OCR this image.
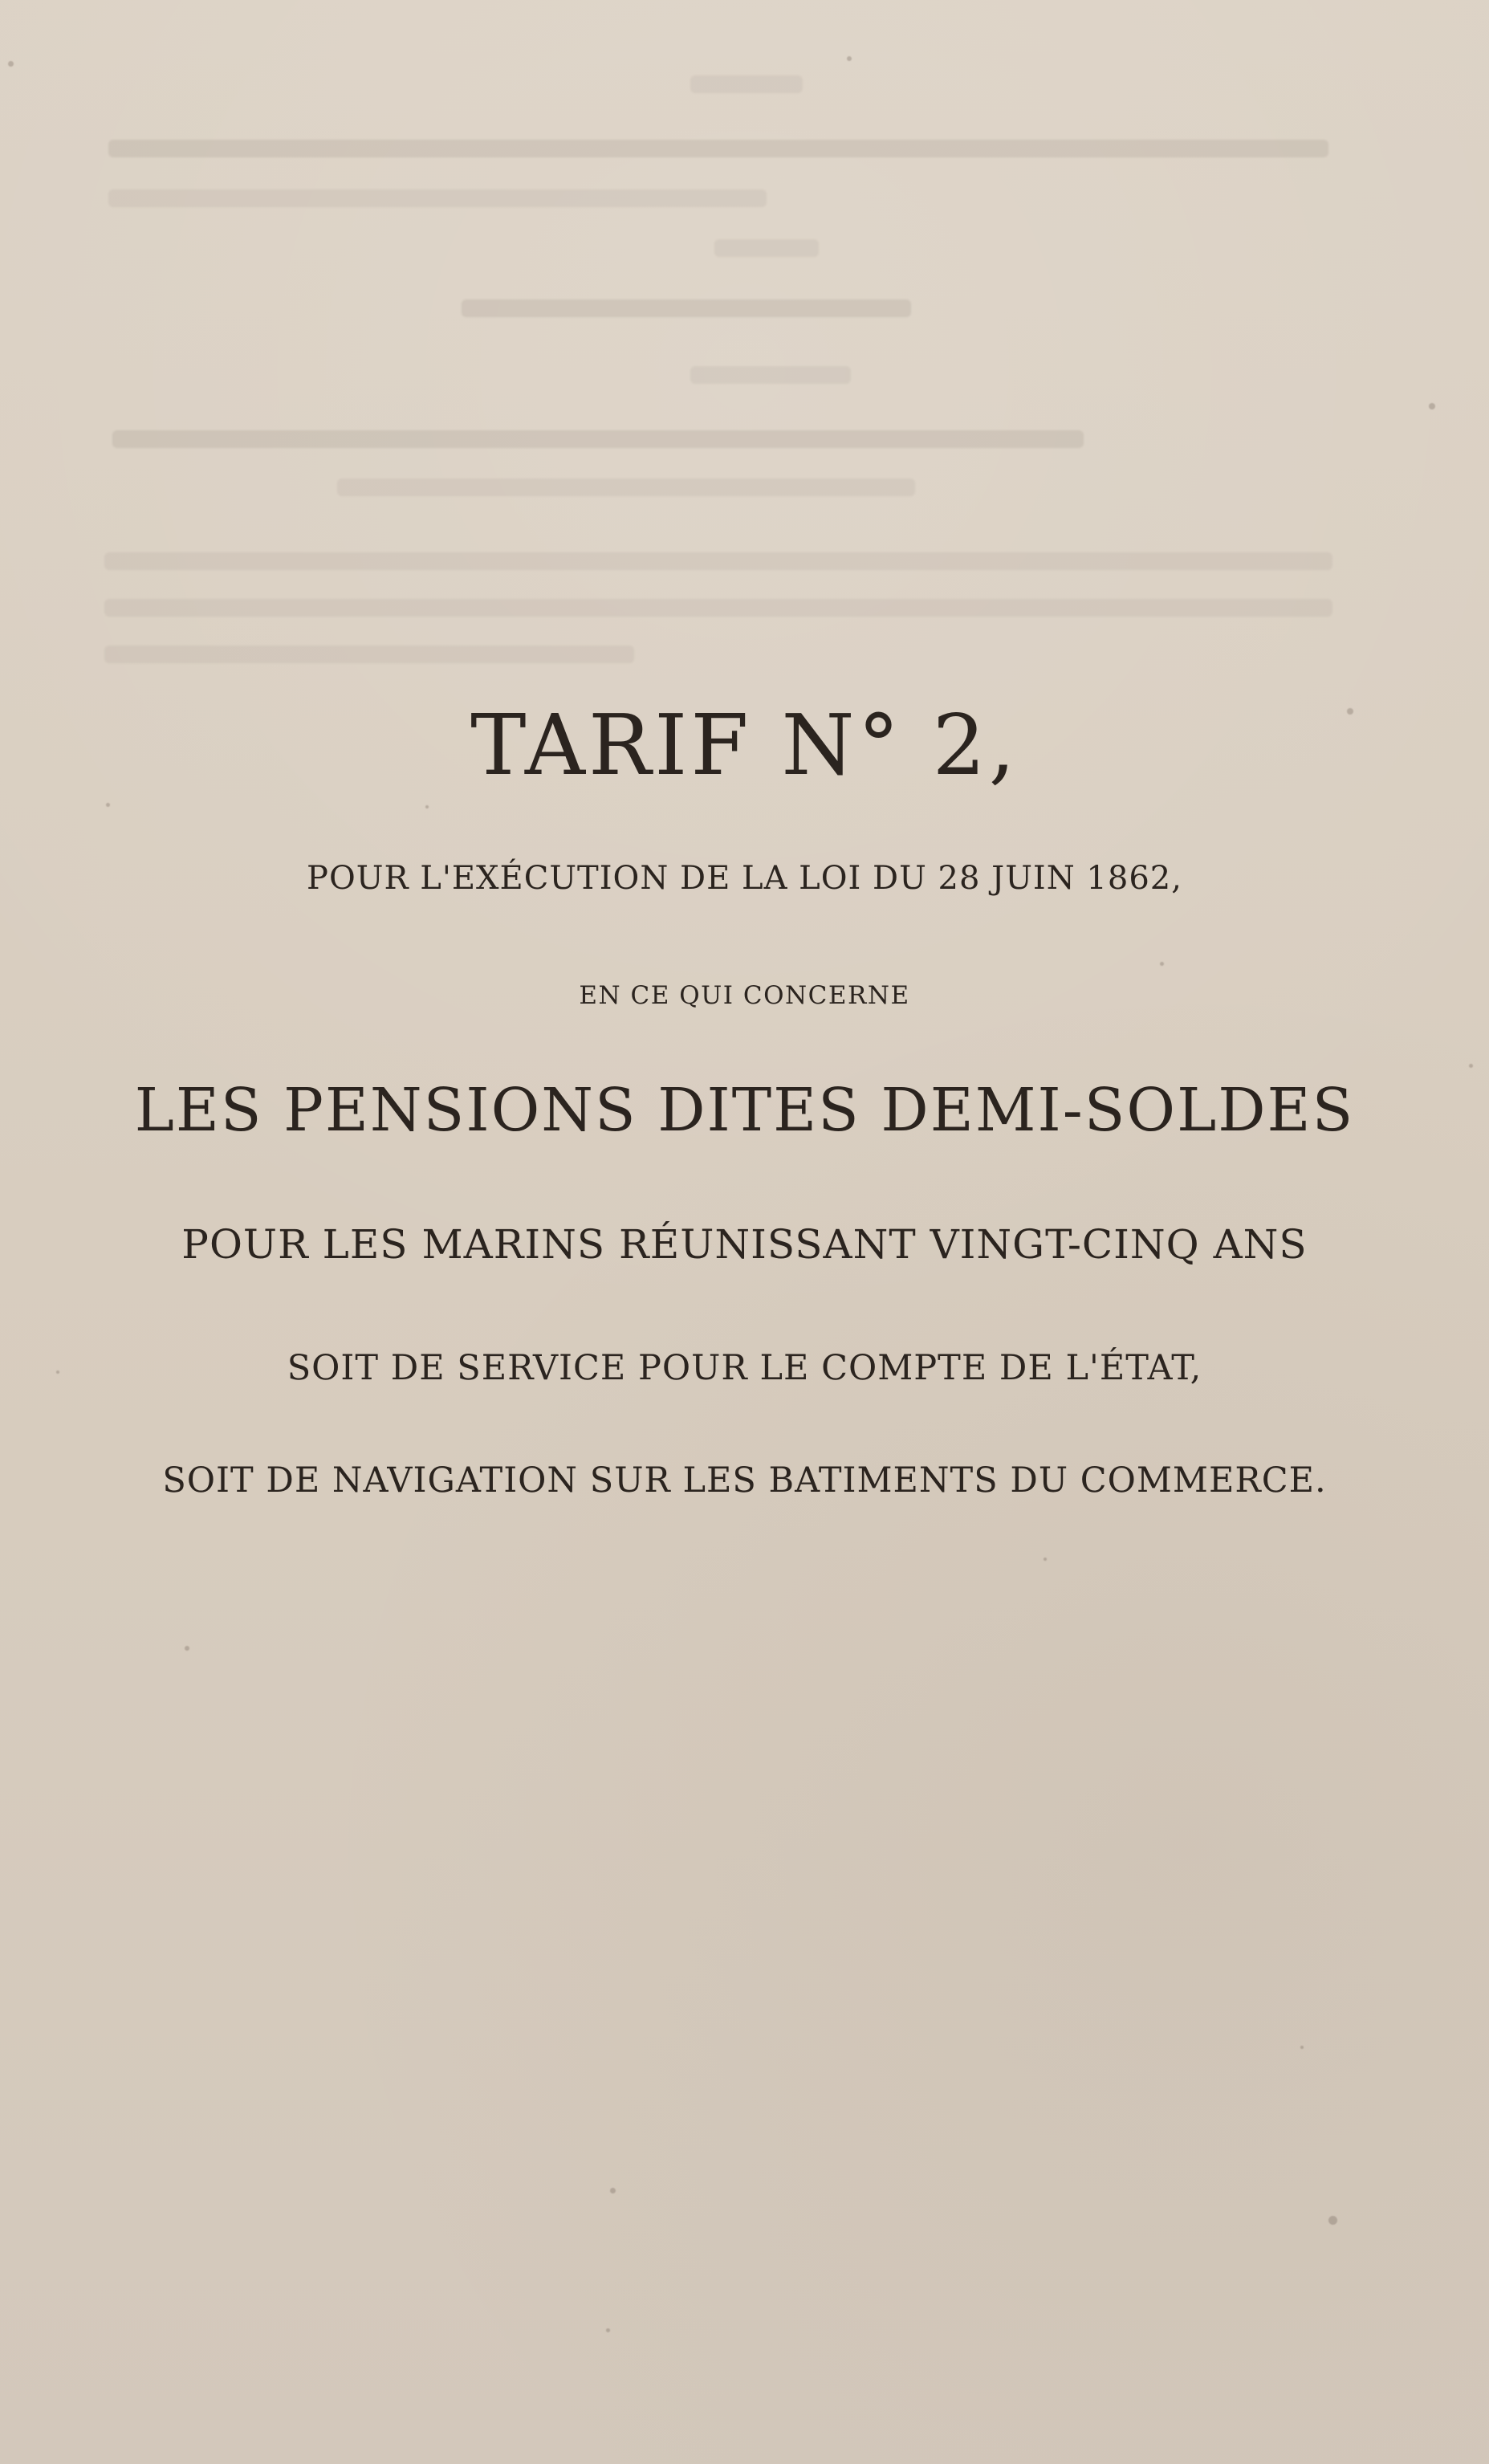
TARIF N° 2,
POUR L'EXÉCUTION DE LA LOI DU 28 JUIN 1862,
EN CE QUI CONCERNE
LES PENSIONS DITES DEMI-SOLDES
POUR LES MARINS RÉUNISSANT VINGT-CINQ ANS
SOIT DE SERVICE POUR LE COMPTE DE L'ÉTAT,
SOIT DE NAVIGATION SUR LES BATIMENTS DU COMMERCE.
